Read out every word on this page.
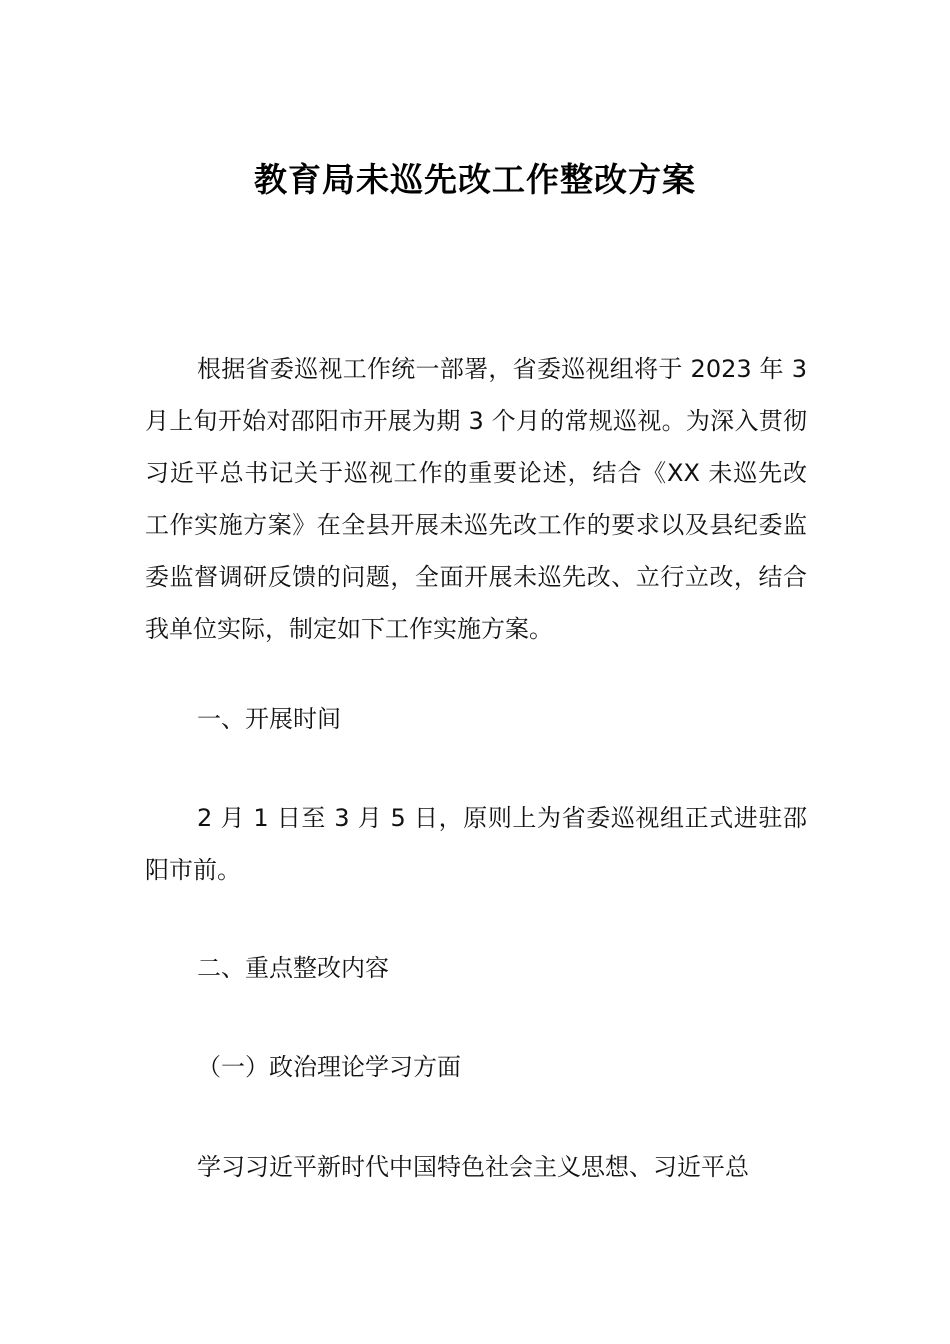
教育局未巡先改工作整改方案

根据省委巡视工作统一部署，省委巡视组将于 2023 年 3 月上旬开始对邵阳市开展为期 3 个月的常规巡视。为深入贯彻习近平总书记关于巡视工作的重要论述，结合《XX 未巡先改工作实施方案》在全县开展未巡先改工作的要求以及县纪委监委监督调研反馈的问题，全面开展未巡先改、立行立改，结合我单位实际，制定如下工作实施方案。

一、开展时间

2 月 1 日至 3 月 5 日，原则上为省委巡视组正式进驻邵阳市前。

二、重点整改内容

（一）政治理论学习方面

学习习近平新时代中国特色社会主义思想、习近平总
